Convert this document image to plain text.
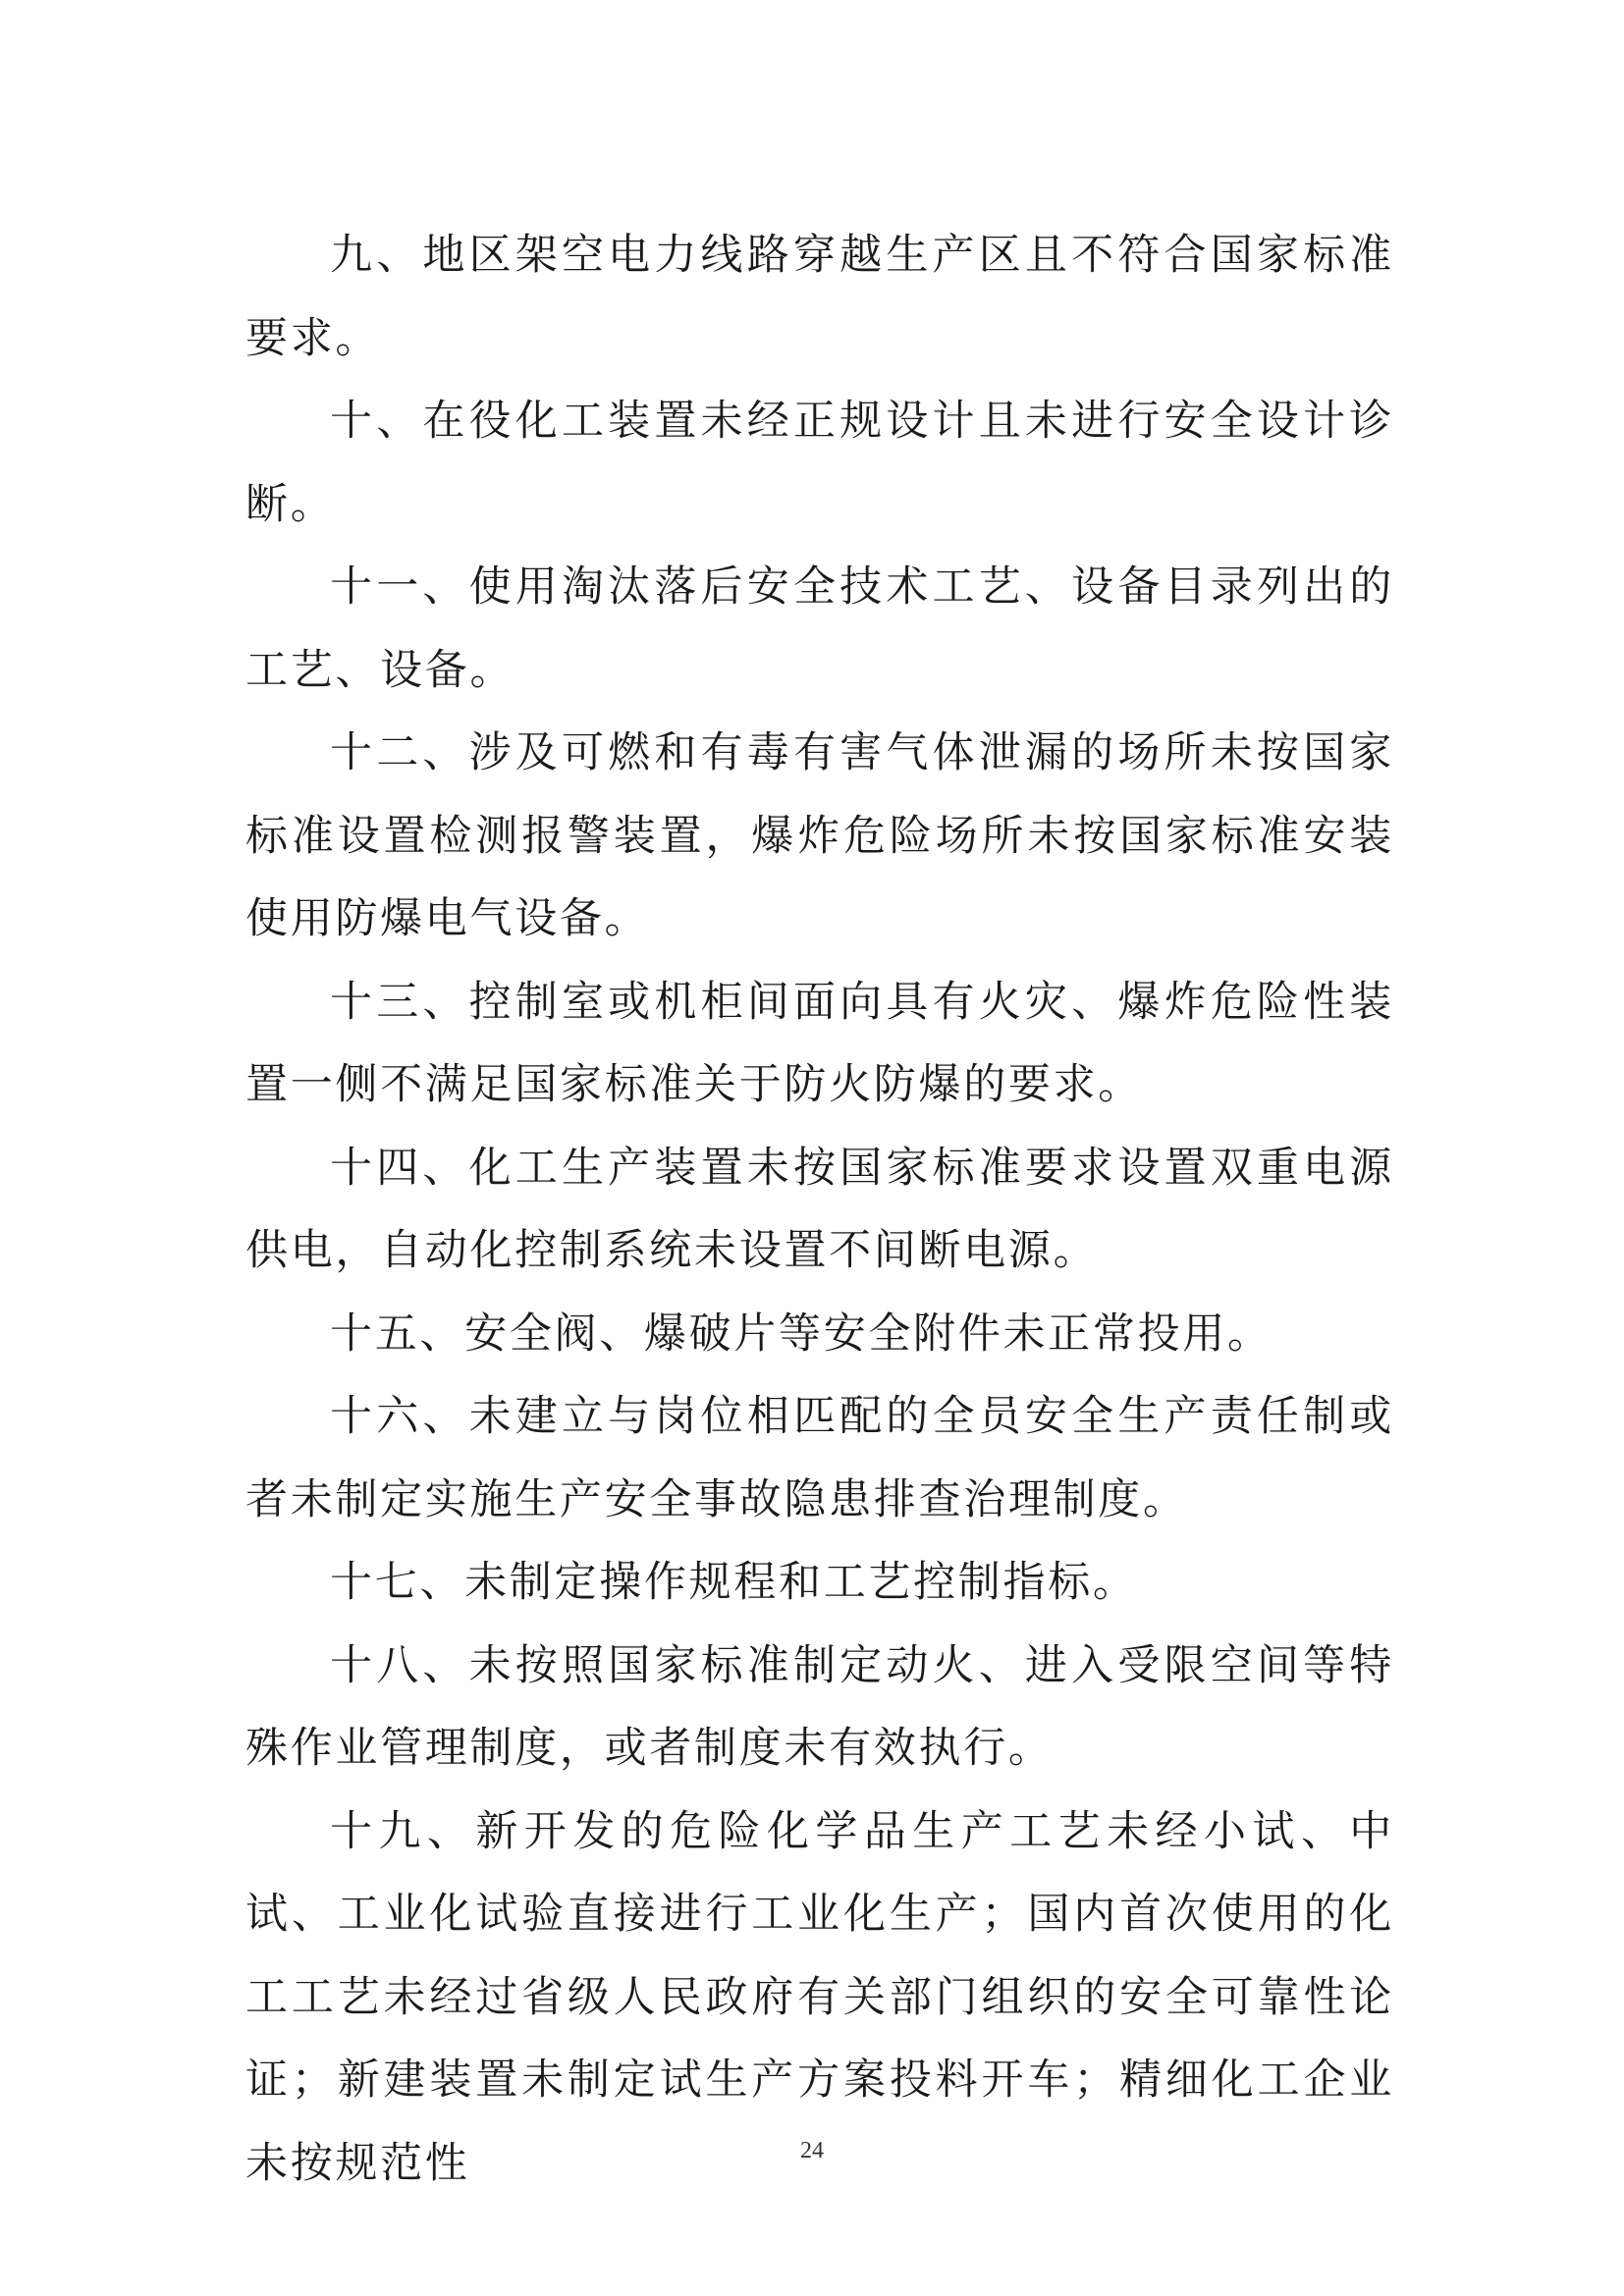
九、地区架空电力线路穿越生产区且不符合国家标准要求。

十、在役化工装置未经正规设计且未进行安全设计诊断。

十一、使用淘汰落后安全技术工艺、设备目录列出的工艺、设备。

十二、涉及可燃和有毒有害气体泄漏的场所未按国家标准设置检测报警装置，爆炸危险场所未按国家标准安装使用防爆电气设备。

十三、控制室或机柜间面向具有火灾、爆炸危险性装置一侧不满足国家标准关于防火防爆的要求。

十四、化工生产装置未按国家标准要求设置双重电源供电，自动化控制系统未设置不间断电源。

十五、安全阀、爆破片等安全附件未正常投用。

十六、未建立与岗位相匹配的全员安全生产责任制或者未制定实施生产安全事故隐患排查治理制度。

十七、未制定操作规程和工艺控制指标。

十八、未按照国家标准制定动火、进入受限空间等特殊作业管理制度，或者制度未有效执行。

十九、新开发的危险化学品生产工艺未经小试、中试、工业化试验直接进行工业化生产；国内首次使用的化工工艺未经过省级人民政府有关部门组织的安全可靠性论证；新建装置未制定试生产方案投料开车；精细化工企业未按规范性	24
